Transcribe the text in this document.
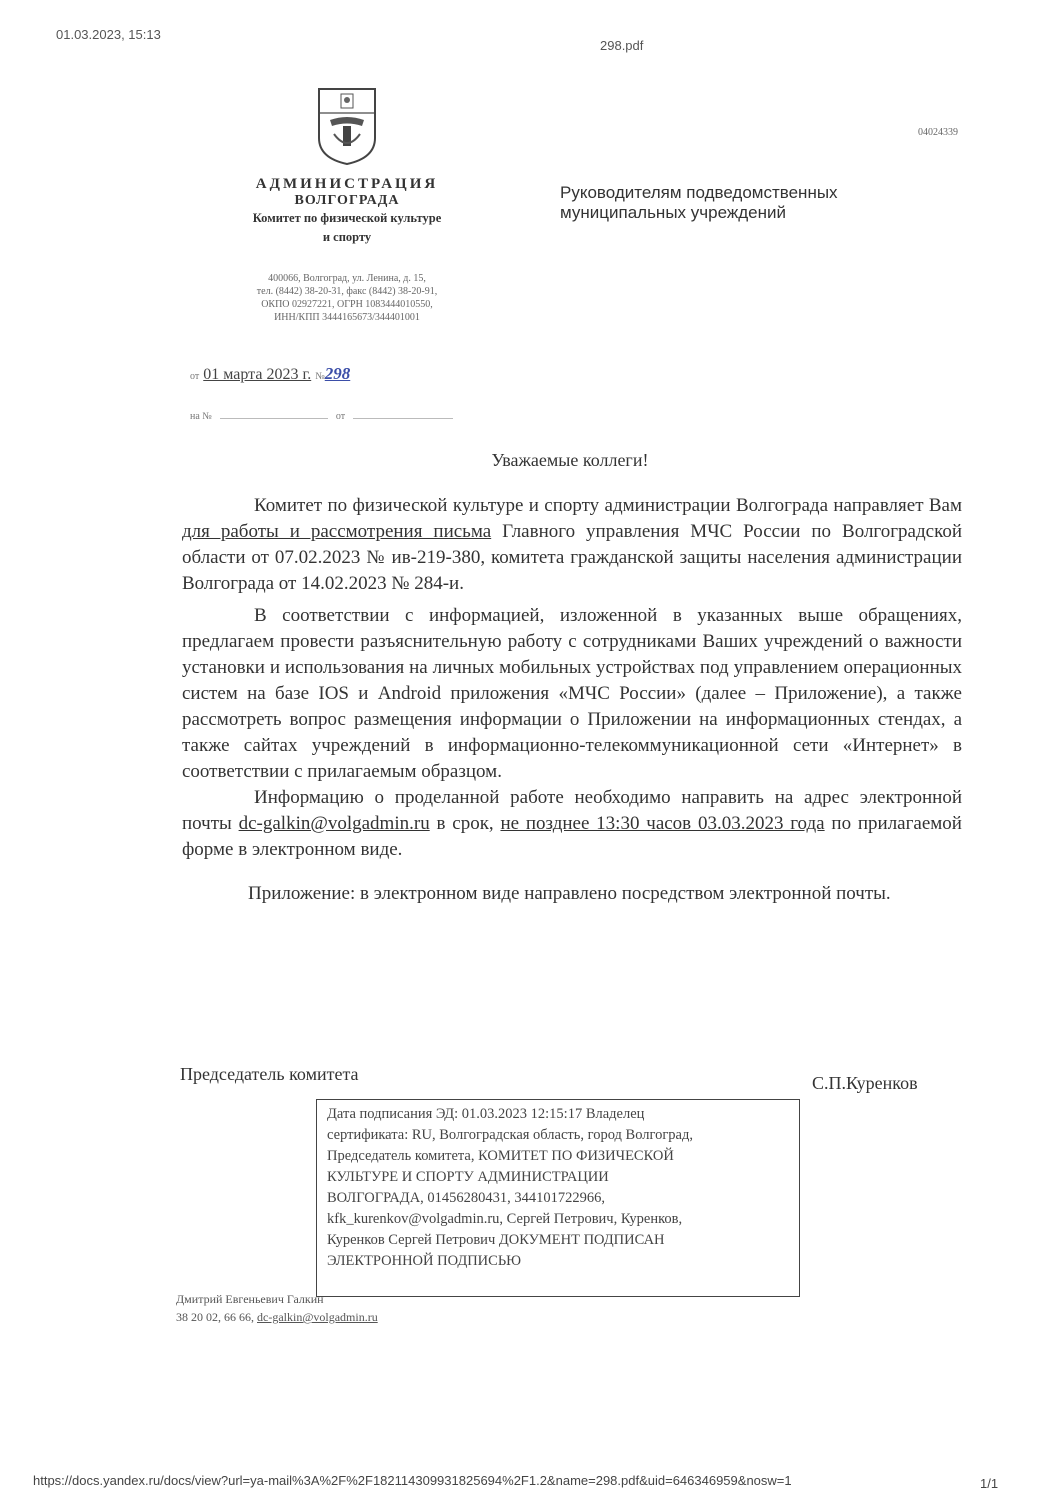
01.03.2023, 15:13
298.pdf
04024339
АДМИНИСТРАЦИЯ
ВОЛГОГРАДА
Комитет по физической культуре
и спорту
400066, Волгоград, ул. Ленина, д. 15,
тел. (8442) 38-20-31, факс (8442) 38-20-91,
ОКПО 02927221, ОГРН 1083444010550,
ИНН/КПП 3444165673/344401001
Руководителям подведомственных
муниципальных учреждений
от 01 марта 2023 г. №298
на №	от
Уважаемые коллеги!

Комитет по физической культуре и спорту администрации Волгограда направляет Вам для работы и рассмотрения письма Главного управления МЧС России по Волгоградской области от 07.02.2023 № ив-219-380, комитета гражданской защиты населения администрации Волгограда от 14.02.2023 № 284-и.

В соответствии с информацией, изложенной в указанных выше обращениях, предлагаем провести разъяснительную работу с сотрудниками Ваших учреждений о важности установки и использования на личных мобильных устройствах под управлением операционных систем на базе IOS и Android приложения «МЧС России» (далее – Приложение), а также рассмотреть вопрос размещения информации о Приложении на информационных стендах, а также сайтах учреждений в информационно-телекоммуникационной сети «Интернет» в соответствии с прилагаемым образцом.

Информацию о проделанной работе необходимо направить на адрес электронной почты dc-galkin@volgadmin.ru в срок, не позднее 13:30 часов 03.03.2023 года по прилагаемой форме в электронном виде.

Приложение: в электронном виде направлено посредством электронной почты.

Председатель комитета	С.П.Куренков
Дата подписания ЭД: 01.03.2023 12:15:17 Владелец
сертификата: RU, Волгоградская область, город Волгоград,
Председатель комитета, КОМИТЕТ ПО ФИЗИЧЕСКОЙ
КУЛЬТУРЕ И СПОРТУ АДМИНИСТРАЦИИ
ВОЛГОГРАДА, 01456280431, 344101722966,
kfk_kurenkov@volgadmin.ru, Сергей Петрович, Куренков,
Куренков Сергей Петрович ДОКУМЕНТ ПОДПИСАН
ЭЛЕКТРОННОЙ ПОДПИСЬЮ
Дмитрий Евгеньевич Галкин
38 20 02, 66 66, dc-galkin@volgadmin.ru
https://docs.yandex.ru/docs/view?url=ya-mail%3A%2F%2F182114309931825694%2F1.2&name=298.pdf&uid=646346959&nosw=1	1/1
